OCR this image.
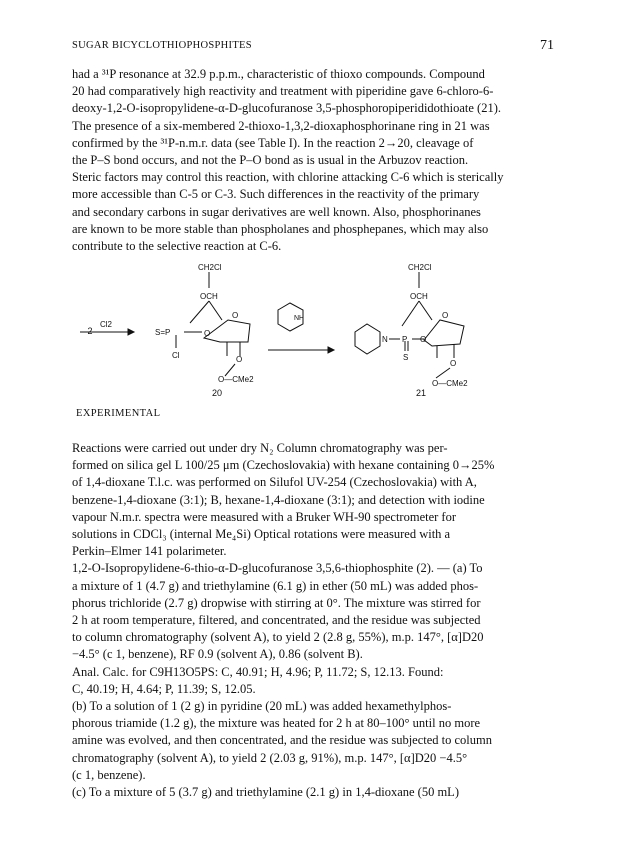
SUGAR BICYCLOTHIOPHOSPHITES	71

had a ³¹P resonance at 32.9 p.p.m., characteristic of thioxo compounds. Compound

20 had comparatively high reactivity and treatment with piperidine gave 6-chloro-6-

deoxy-1,2-O-isopropylidene-α-D-glucofuranose 3,5-phosphoropiperididothioate (21).

The presence of a six-membered 2-thioxo-1,3,2-dioxaphosphorinane ring in 21 was

confirmed by the ³¹P-n.m.r. data (see Table I). In the reaction 2→20, cleavage of

the P–S bond occurs, and not the P–O bond as is usual in the Arbuzov reaction.

Steric factors may control this reaction, with chlorine attacking C-6 which is sterically

more accessible than C-5 or C-3. Such differences in the reactivity of the primary

and secondary carbons in sugar derivatives are well known. Also, phosphorinanes

are known to be more stable than phospholanes and phosphepanes, which may also

contribute to the selective reaction at C-6.

2
Cl2
CH2Cl
OCH
O
S=P	O
Cl	O
O—CMe2
20
NH
CH2Cl
OCH
O
N P O
S
O
O—CMe2
21
EXPERIMENTAL

Reactions were carried out under dry N₂ Column chromatography was per-

formed on silica gel L 100/25 μm (Czechoslovakia) with hexane containing 0→25%

of 1,4-dioxane T.l.c. was performed on Silufol UV-254 (Czechoslovakia) with A,

benzene-1,4-dioxane (3:1); B, hexane-1,4-dioxane (3:1); and detection with iodine

vapour N.m.r. spectra were measured with a Bruker WH-90 spectrometer for

solutions in CDCl₃ (internal Me₄Si) Optical rotations were measured with a

Perkin–Elmer 141 polarimeter.

1,2-O-Isopropylidene-6-thio-α-D-glucofuranose 3,5,6-thiophosphite (2). — (a) To

a mixture of 1 (4.7 g) and triethylamine (6.1 g) in ether (50 mL) was added phos-

phorus trichloride (2.7 g) dropwise with stirring at 0°. The mixture was stirred for

2 h at room temperature, filtered, and concentrated, and the residue was subjected

to column chromatography (solvent A), to yield 2 (2.8 g, 55%), m.p. 147°, [α]D20

−4.5° (c 1, benzene), RF 0.9 (solvent A), 0.86 (solvent B).

Anal. Calc. for C9H13O5PS: C, 40.91; H, 4.96; P, 11.72; S, 12.13. Found:

C, 40.19; H, 4.64; P, 11.39; S, 12.05.

(b) To a solution of 1 (2 g) in pyridine (20 mL) was added hexamethylphos-

phorous triamide (1.2 g), the mixture was heated for 2 h at 80–100° until no more

amine was evolved, and then concentrated, and the residue was subjected to column

chromatography (solvent A), to yield 2 (2.03 g, 91%), m.p. 147°, [α]D20 −4.5°

(c 1, benzene).

(c) To a mixture of 5 (3.7 g) and triethylamine (2.1 g) in 1,4-dioxane (50 mL)
